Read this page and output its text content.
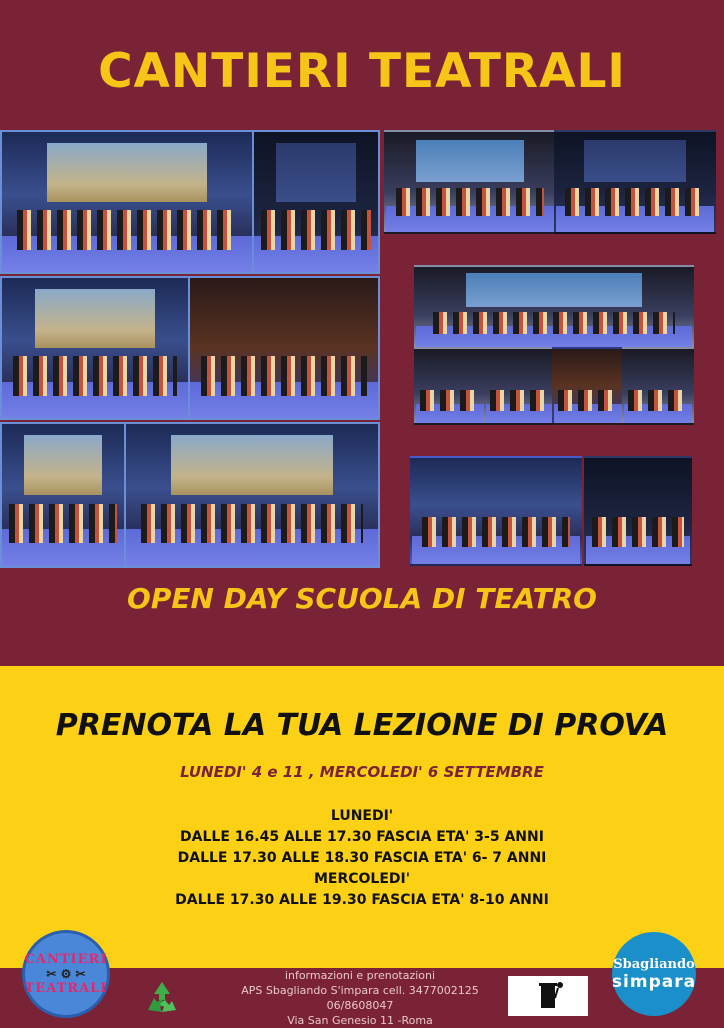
CANTIERI TEATRALI
OPEN DAY SCUOLA DI TEATRO
PRENOTA LA TUA LEZIONE DI PROVA
LUNEDI' 4 e 11 , MERCOLEDI' 6 SETTEMBRE
LUNEDI'
DALLE 16.45 ALLE 17.30 FASCIA ETA' 3-5 ANNI
DALLE 17.30 ALLE 18.30 FASCIA ETA' 6- 7 ANNI
MERCOLEDI'
DALLE 17.30 ALLE 19.30 FASCIA ETA' 8-10 ANNI
CANTIERI
✂ ⚙ ✂
TEATRALI
informazioni e prenotazioni
APS Sbagliando S'impara cell. 3477002125
06/8608047
Via San Genesio 11 -Roma
Sbagliando
simpara
